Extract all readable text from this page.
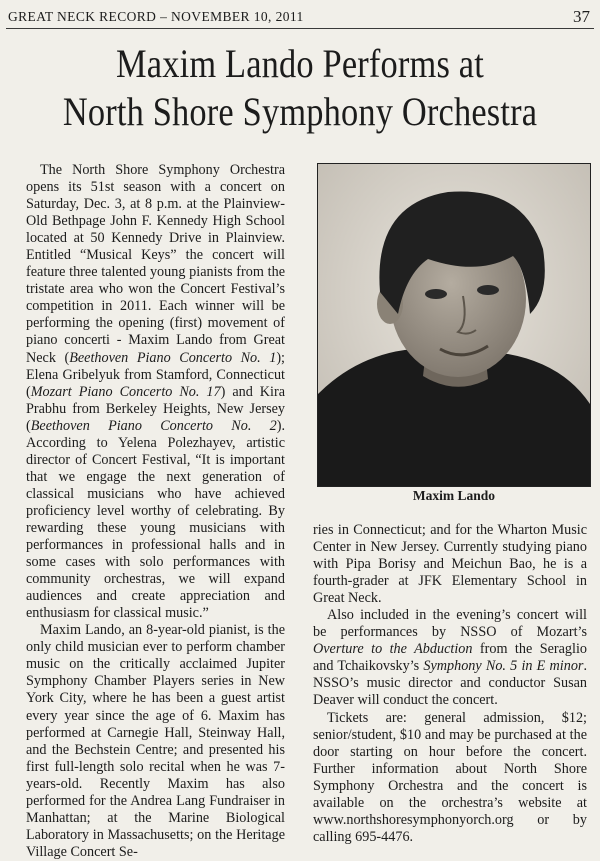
GREAT NECK RECORD – NOVEMBER 10, 2011	37
Maxim Lando Performs at
North Shore Symphony Orchestra

The North Shore Symphony Orchestra opens its 51st season with a concert on Saturday, Dec. 3, at 8 p.m. at the Plainview-Old Bethpage John F. Kennedy High School located at 50 Kennedy Drive in Plainview. Entitled “Musical Keys” the concert will feature three talented young pianists from the tristate area who won the Concert Festival’s competition in 2011. Each winner will be performing the opening (first) movement of piano concerti - Maxim Lando from Great Neck (Beethoven Piano Concerto No. 1); Elena Gribelyuk from Stamford, Connecticut (Mozart Piano Concerto No. 17) and Kira Prabhu from Berkeley Heights, New Jersey (Beethoven Piano Concerto No. 2). According to Yelena Polezhayev, artistic director of Concert Festival, “It is important that we engage the next generation of classical musicians who have achieved proficiency level worthy of celebrating. By rewarding these young musicians with performances in professional halls and in some cases with solo performances with community orchestras, we will expand audiences and create appreciation and enthusiasm for classical music.”

Maxim Lando, an 8-year-old pianist, is the only child musician ever to perform chamber music on the critically acclaimed Jupiter Symphony Chamber Players series in New York City, where he has been a guest artist every year since the age of 6. Maxim has performed at Carnegie Hall, Steinway Hall, and the Bechstein Centre; and presented his first full-length solo recital when he was 7-years-old. Recently Maxim has also performed for the Andrea Lang Fundraiser in Manhattan; at the Marine Biological Laboratory in Massachusetts; on the Heritage Village Concert Se-

Maxim Lando

ries in Connecticut; and for the Wharton Music Center in New Jersey. Currently studying piano with Pipa Borisy and Meichun Bao, he is a fourth-grader at JFK Elementary School in Great Neck.

Also included in the evening’s concert will be performances by NSSO of Mozart’s Overture to the Abduction from the Seraglio and Tchaikovsky’s Symphony No. 5 in E minor. NSSO’s music director and conductor Susan Deaver will conduct the concert.

Tickets are: general admission, $12; senior/student, $10 and may be purchased at the door starting on hour before the concert. Further information about North Shore Symphony Orchestra and the concert is available on the orchestra’s website at www.northshoresymphonyorch.org or by calling 695-4476.
